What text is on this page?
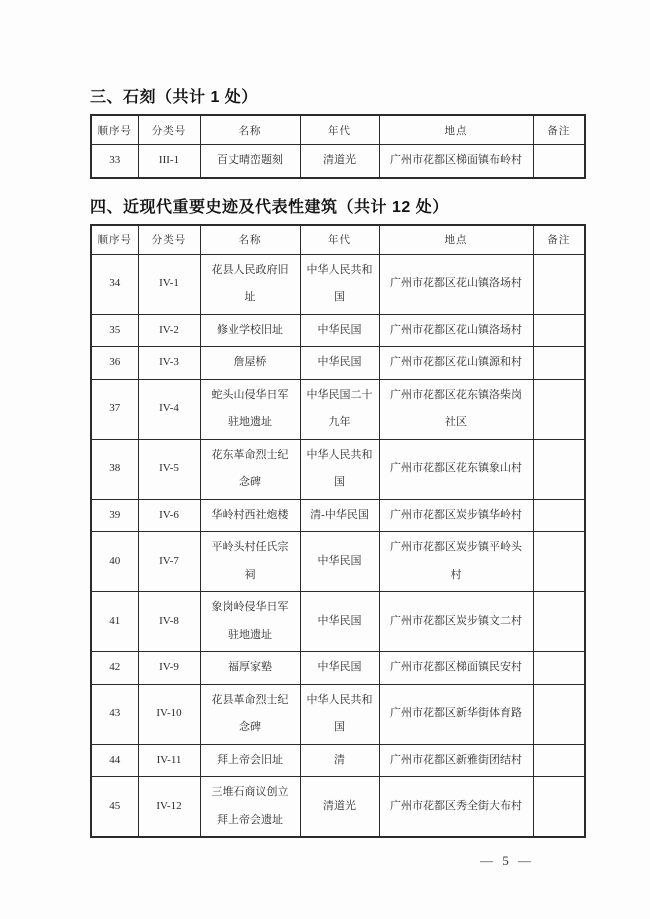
三、石刻（共计 1 处）
顺序号	分类号	名称	年代	地点	备注
33	III-1	百丈晴峦题刻	清道光	广州市花都区梯面镇布岭村	
四、近现代重要史迹及代表性建筑（共计 12 处）
顺序号	分类号	名称	年代	地点	备注
34	IV-1	花县人民政府旧址	中华人民共和国	广州市花都区花山镇洛场村	
35	IV-2	修业学校旧址	中华民国	广州市花都区花山镇洛场村	
36	IV-3	詹屋桥	中华民国	广州市花都区花山镇源和村	
37	IV-4	蛇头山侵华日军驻地遗址	中华民国二十九年	广州市花都区花东镇洛柴岗社区	
38	IV-5	花东革命烈士纪念碑	中华人民共和国	广州市花都区花东镇象山村	
39	IV-6	华岭村西社炮楼	清-中华民国	广州市花都区炭步镇华岭村	
40	IV-7	平岭头村任氏宗祠	中华民国	广州市花都区炭步镇平岭头村	
41	IV-8	象岗岭侵华日军驻地遗址	中华民国	广州市花都区炭步镇文二村	
42	IV-9	福厚家塾	中华民国	广州市花都区梯面镇民安村	
43	IV-10	花县革命烈士纪念碑	中华人民共和国	广州市花都区新华街体育路	
44	IV-11	拜上帝会旧址	清	广州市花都区新雅街团结村	
45	IV-12	三堆石商议创立拜上帝会遗址	清道光	广州市花都区秀全街大布村	
— 5 —
